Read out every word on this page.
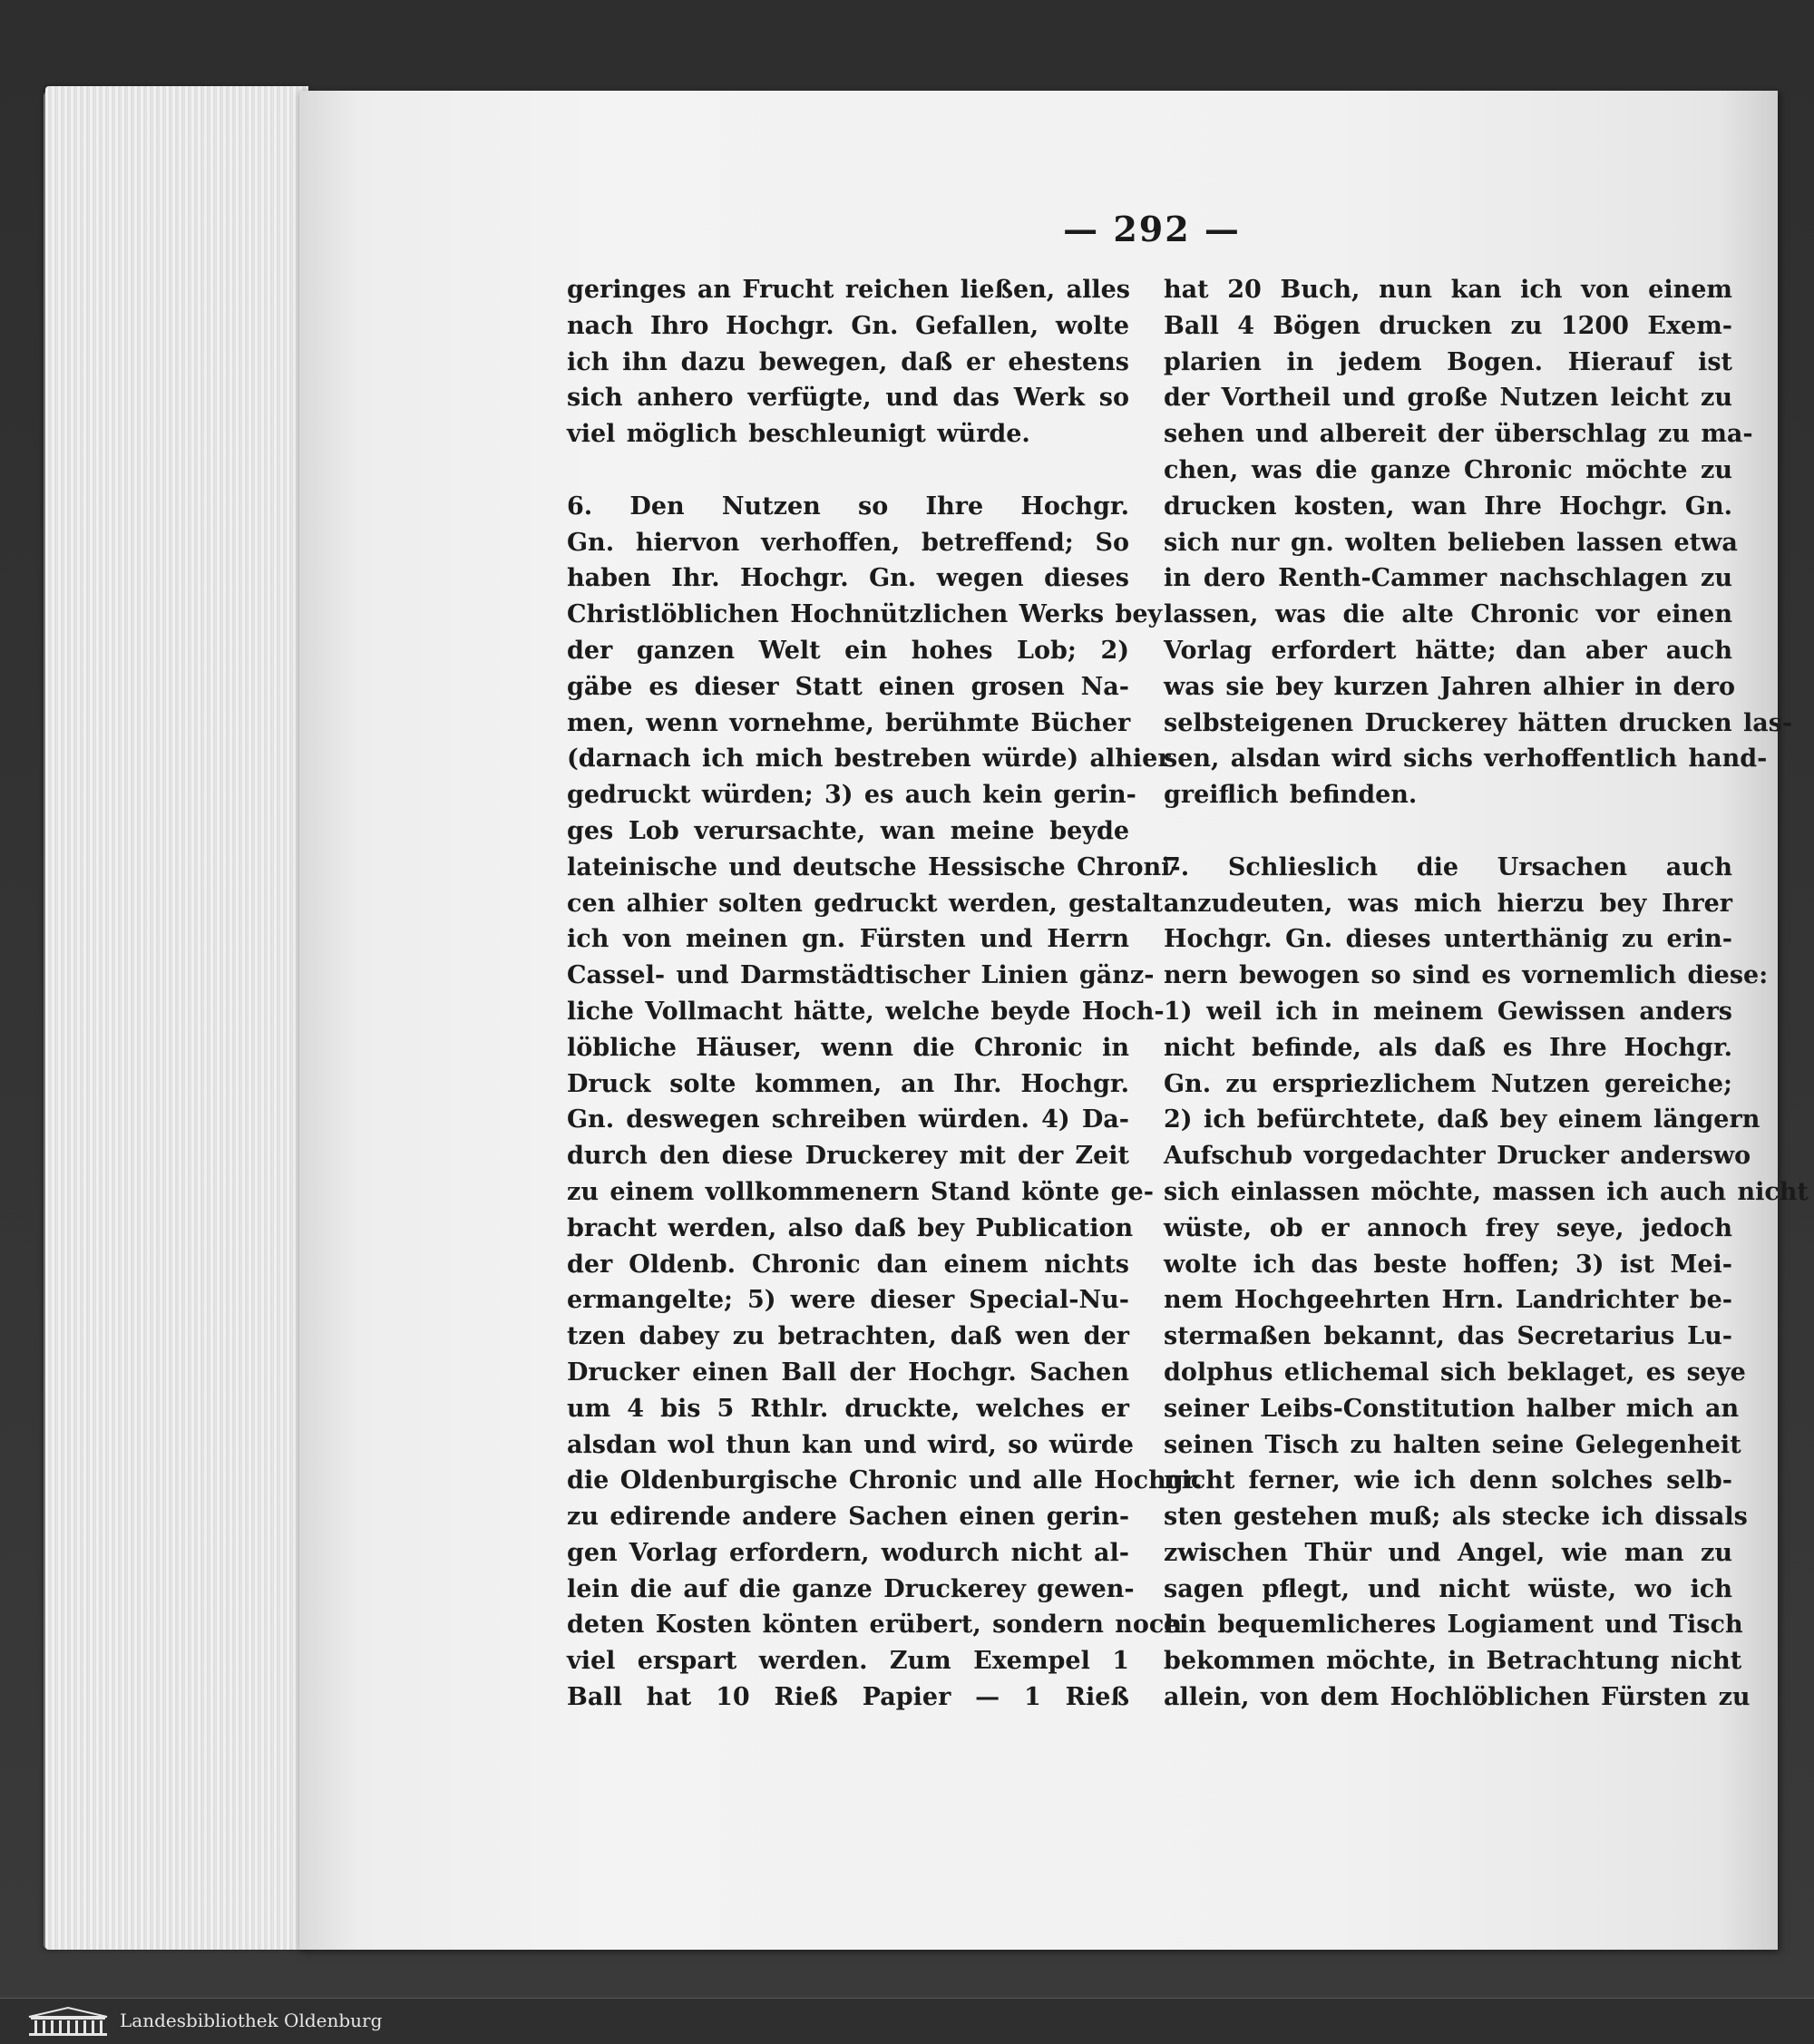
— 292 —
geringes an Frucht reichen ließen, alles
nach Ihro Hochgr. Gn. Gefallen, wolte
ich ihn dazu bewegen, daß er ehestens
sich anhero verfügte, und das Werk so
viel möglich beschleunigt würde.
6. Den Nutzen so Ihre Hochgr.
Gn. hiervon verhoffen, betreffend; So
haben Ihr. Hochgr. Gn. wegen dieses
Christlöblichen Hochnützlichen Werks bey
der ganzen Welt ein hohes Lob; 2)
gäbe es dieser Statt einen grosen Na-
men, wenn vornehme, berühmte Bücher
(darnach ich mich bestreben würde) alhier
gedruckt würden; 3) es auch kein gerin-
ges Lob verursachte, wan meine beyde
lateinische und deutsche Hessische Chroni-
cen alhier solten gedruckt werden, gestalt
ich von meinen gn. Fürsten und Herrn
Cassel- und Darmstädtischer Linien gänz-
liche Vollmacht hätte, welche beyde Hoch-
löbliche Häuser, wenn die Chronic in
Druck solte kommen, an Ihr. Hochgr.
Gn. deswegen schreiben würden. 4) Da-
durch den diese Druckerey mit der Zeit
zu einem vollkommenern Stand könte ge-
bracht werden, also daß bey Publication
der Oldenb. Chronic dan einem nichts
ermangelte; 5) were dieser Special-Nu-
tzen dabey zu betrachten, daß wen der
Drucker einen Ball der Hochgr. Sachen
um 4 bis 5 Rthlr. druckte, welches er
alsdan wol thun kan und wird, so würde
die Oldenburgische Chronic und alle Hochgr.
zu edirende andere Sachen einen gerin-
gen Vorlag erfordern, wodurch nicht al-
lein die auf die ganze Druckerey gewen-
deten Kosten könten erübert, sondern noch
viel erspart werden. Zum Exempel 1
Ball hat 10 Rieß Papier — 1 Rieß
hat 20 Buch, nun kan ich von einem
Ball 4 Bögen drucken zu 1200 Exem-
plarien in jedem Bogen. Hierauf ist
der Vortheil und große Nutzen leicht zu
sehen und albereit der überschlag zu ma-
chen, was die ganze Chronic möchte zu
drucken kosten, wan Ihre Hochgr. Gn.
sich nur gn. wolten belieben lassen etwa
in dero Renth-Cammer nachschlagen zu
lassen, was die alte Chronic vor einen
Vorlag erfordert hätte; dan aber auch
was sie bey kurzen Jahren alhier in dero
selbsteigenen Druckerey hätten drucken las-
sen, alsdan wird sichs verhoffentlich hand-
greiflich befinden.
7. Schlieslich die Ursachen auch
anzudeuten, was mich hierzu bey Ihrer
Hochgr. Gn. dieses unterthänig zu erin-
nern bewogen so sind es vornemlich diese:
1) weil ich in meinem Gewissen anders
nicht befinde, als daß es Ihre Hochgr.
Gn. zu erspriezlichem Nutzen gereiche;
2) ich befürchtete, daß bey einem längern
Aufschub vorgedachter Drucker anderswo
sich einlassen möchte, massen ich auch nicht
wüste, ob er annoch frey seye, jedoch
wolte ich das beste hoffen; 3) ist Mei-
nem Hochgeehrten Hrn. Landrichter be-
stermaßen bekannt, das Secretarius Lu-
dolphus etlichemal sich beklaget, es seye
seiner Leibs-Constitution halber mich an
seinen Tisch zu halten seine Gelegenheit
nicht ferner, wie ich denn solches selb-
sten gestehen muß; als stecke ich dissals
zwischen Thür und Angel, wie man zu
sagen pflegt, und nicht wüste, wo ich
ein bequemlicheres Logiament und Tisch
bekommen möchte, in Betrachtung nicht
allein, von dem Hochlöblichen Fürsten zu
Landesbibliothek Oldenburg
